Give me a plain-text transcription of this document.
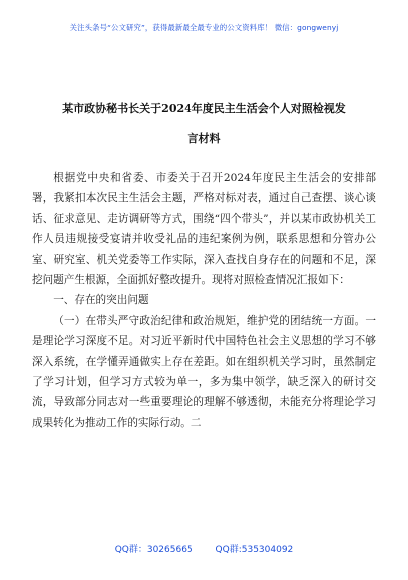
关注头条号“公文研究”，获得最新最全最专业的公文资料库！ 微信：gongwenyj
某市政协秘书长关于2024年度民主生活会个人对照检视发
言材料

根据党中央和省委、市委关于召开2024年度民主生活会的安排部署，我紧扣本次民主生活会主题，严格对标对表，通过自己查摆、谈心谈话、征求意见、走访调研等方式，围绕“四个带头”，并以某市政协机关工作人员违规接受宴请并收受礼品的违纪案例为例，联系思想和分管办公室、研究室、机关党委等工作实际，深入查找自身存在的问题和不足，深挖问题产生根源，全面抓好整改提升。现将对照检查情况汇报如下：

一、存在的突出问题

（一）在带头严守政治纪律和政治规矩，维护党的团结统一方面。一是理论学习深度不足。对习近平新时代中国特色社会主义思想的学习不够深入系统，在学懂弄通做实上存在差距。如在组织机关学习时，虽然制定了学习计划，但学习方式较为单一，多为集中领学，缺乏深入的研讨交流，导致部分同志对一些重要理论的理解不够透彻，未能充分将理论学习成果转化为推动工作的实际行动。二

QQ群：30265665	QQ群:535304092
